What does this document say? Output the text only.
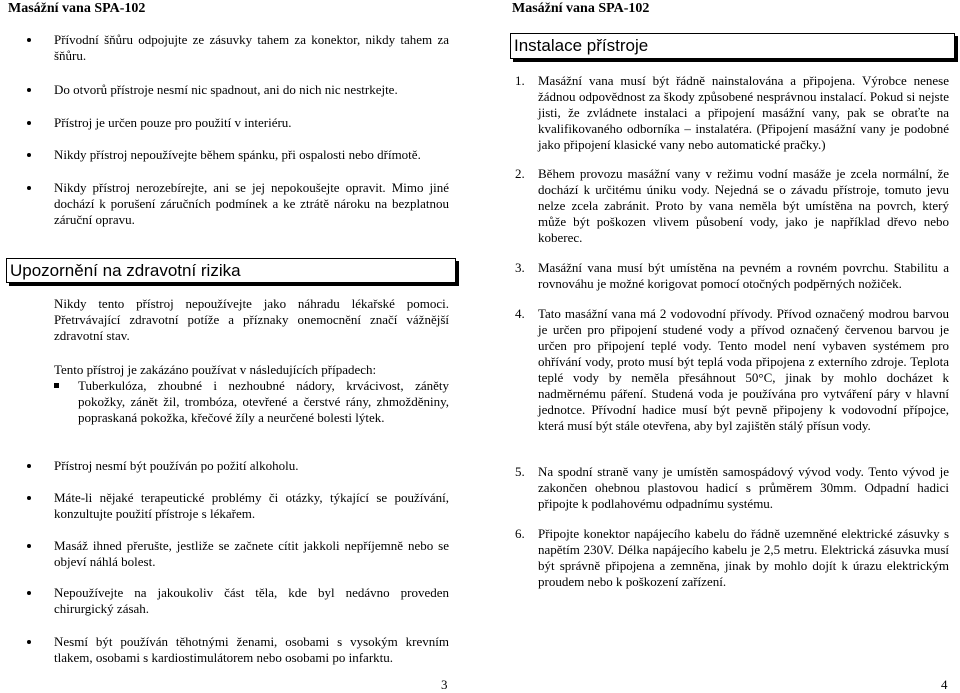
Masážní vana SPA-102
Přívodní šňůru odpojujte ze zásuvky tahem za konektor, nikdy tahem za šňůru.
Do otvorů přístroje nesmí nic spadnout, ani do nich nic nestrkejte.
Přístroj je určen pouze pro použití v interiéru.
Nikdy přístroj nepoužívejte během spánku, při ospalosti nebo dřímotě.
Nikdy přístroj nerozebírejte, ani se jej nepokoušejte opravit. Mimo jiné dochází k porušení záručních podmínek a ke ztrátě nároku na bezplatnou záruční opravu.
Upozornění na zdravotní rizika
Nikdy tento přístroj nepoužívejte jako náhradu lékařské pomoci. Přetrvávající zdravotní potíže a příznaky onemocnění značí vážnější zdravotní stav.
Tento přístroj je zakázáno používat v následujících případech:
Tuberkulóza, zhoubné i nezhoubné nádory, krvácivost, záněty pokožky, zánět žil, trombóza, otevřené a čerstvé rány, zhmožděniny, popraskaná pokožka, křečové žíly a neurčené bolesti lýtek.
Přístroj nesmí být používán po požití alkoholu.
Máte-li nějaké terapeutické problémy či otázky, týkající se používání, konzultujte použití přístroje s lékařem.
Masáž ihned přerušte, jestliže se začnete cítit jakkoli nepříjemně nebo se objeví náhlá bolest.
Nepoužívejte na jakoukoliv část těla, kde byl nedávno proveden chirurgický zásah.
Nesmí být používán těhotnými ženami, osobami s vysokým krevním tlakem, osobami s kardiostimulátorem nebo osobami po infarktu.
3
Masážní vana SPA-102
Instalace přístroje
1. Masážní vana musí být řádně nainstalována a připojena. Výrobce nenese žádnou odpovědnost za škody způsobené nesprávnou instalací. Pokud si nejste jisti, že zvládnete instalaci a připojení masážní vany, pak se obraťte na kvalifikovaného odborníka – instalatéra. (Připojení masážní vany je podobné jako připojení klasické vany nebo automatické pračky.)
2. Během provozu masážní vany v režimu vodní masáže je zcela normální, že dochází k určitému úniku vody. Nejedná se o závadu přístroje, tomuto jevu nelze zcela zabránit. Proto by vana neměla být umístěna na povrch, který může být poškozen vlivem působení vody, jako je například dřevo nebo koberec.
3. Masážní vana musí být umístěna na pevném a rovném povrchu. Stabilitu a rovnováhu je možné korigovat pomocí otočných podpěrných nožiček.
4. Tato masážní vana má 2 vodovodní přívody. Přívod označený modrou barvou je určen pro připojení studené vody a přívod označený červenou barvou je určen pro připojení teplé vody. Tento model není vybaven systémem pro ohřívání vody, proto musí být teplá voda připojena z externího zdroje. Teplota teplé vody by neměla přesáhnout 50°C, jinak by mohlo docházet k nadměrnému páření. Studená voda je používána pro vytváření páry v hlavní jednotce. Přívodní hadice musí být pevně připojeny k vodovodní přípojce, která musí být stále otevřena, aby byl zajištěn stálý přísun vody.
5. Na spodní straně vany je umístěn samospádový vývod vody. Tento vývod je zakončen ohebnou plastovou hadicí s průměrem 30mm. Odpadní hadici připojte k podlahovému odpadnímu systému.
6. Připojte konektor napájecího kabelu do řádně uzemněné elektrické zásuvky s napětím 230V. Délka napájecího kabelu je 2,5 metru. Elektrická zásuvka musí být správně připojena a zemněna, jinak by mohlo dojít k úrazu elektrickým proudem nebo k poškození zařízení.
4
